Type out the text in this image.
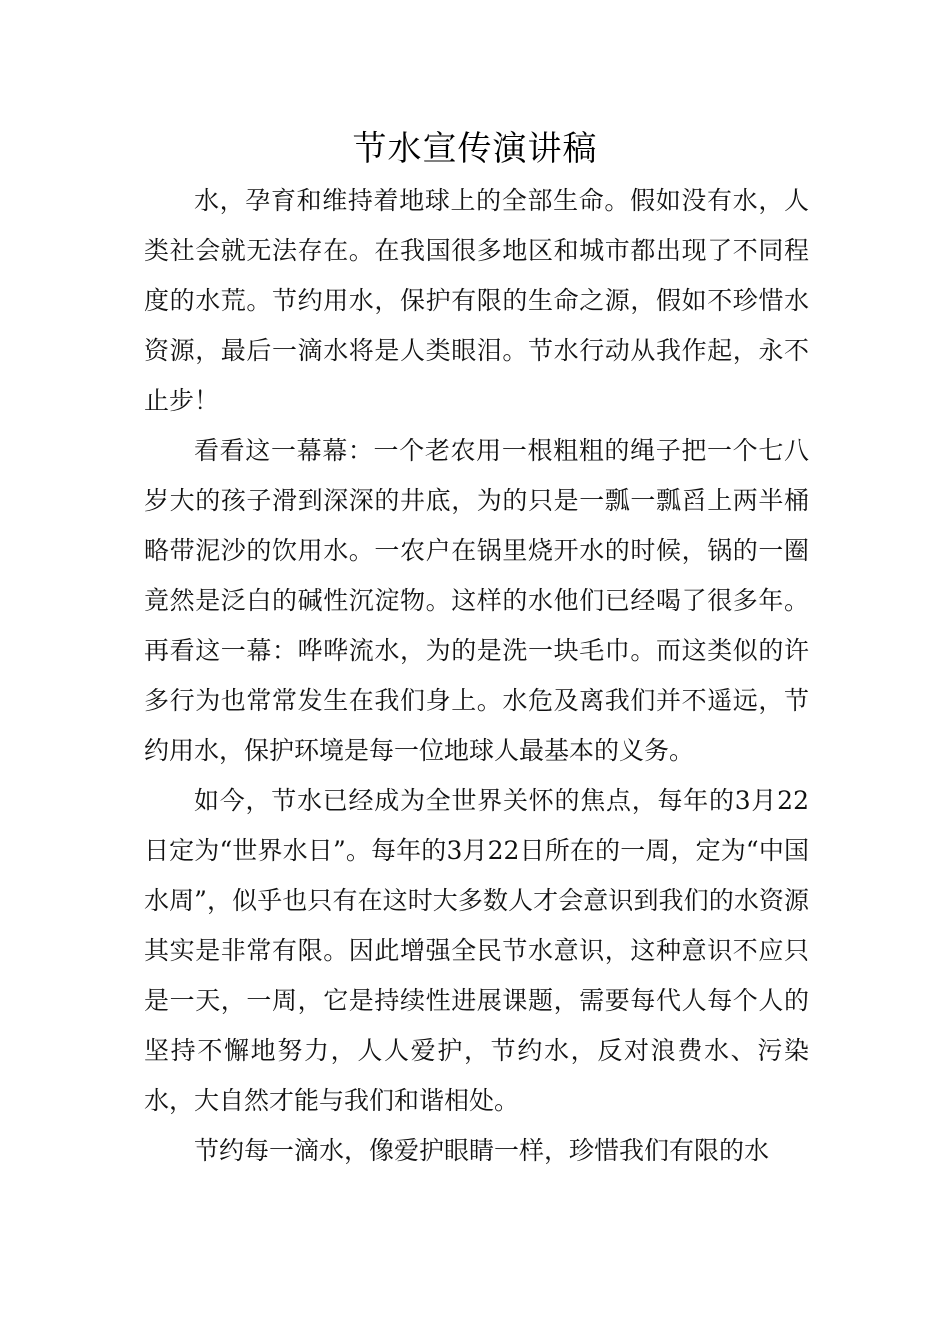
节水宣传演讲稿

水，孕育和维持着地球上的全部生命。假如没有水，人类社会就无法存在。在我国很多地区和城市都出现了不同程度的水荒。节约用水，保护有限的生命之源，假如不珍惜水资源，最后一滴水将是人类眼泪。节水行动从我作起，永不止步！

看看这一幕幕：一个老农用一根粗粗的绳子把一个七八岁大的孩子滑到深深的井底，为的只是一瓢一瓢舀上两半桶略带泥沙的饮用水。一农户在锅里烧开水的时候，锅的一圈竟然是泛白的碱性沉淀物。这样的水他们已经喝了很多年。再看这一幕：哗哗流水，为的是洗一块毛巾。而这类似的许多行为也常常发生在我们身上。水危及离我们并不遥远，节约用水，保护环境是每一位地球人最基本的义务。

如今，节水已经成为全世界关怀的焦点，每年的3月22日定为“世界水日”。每年的3月22日所在的一周，定为“中国水周”，似乎也只有在这时大多数人才会意识到我们的水资源其实是非常有限。因此增强全民节水意识，这种意识不应只是一天，一周，它是持续性进展课题，需要每代人每个人的坚持不懈地努力，人人爱护，节约水，反对浪费水、污染水，大自然才能与我们和谐相处。

节约每一滴水，像爱护眼睛一样，珍惜我们有限的水
